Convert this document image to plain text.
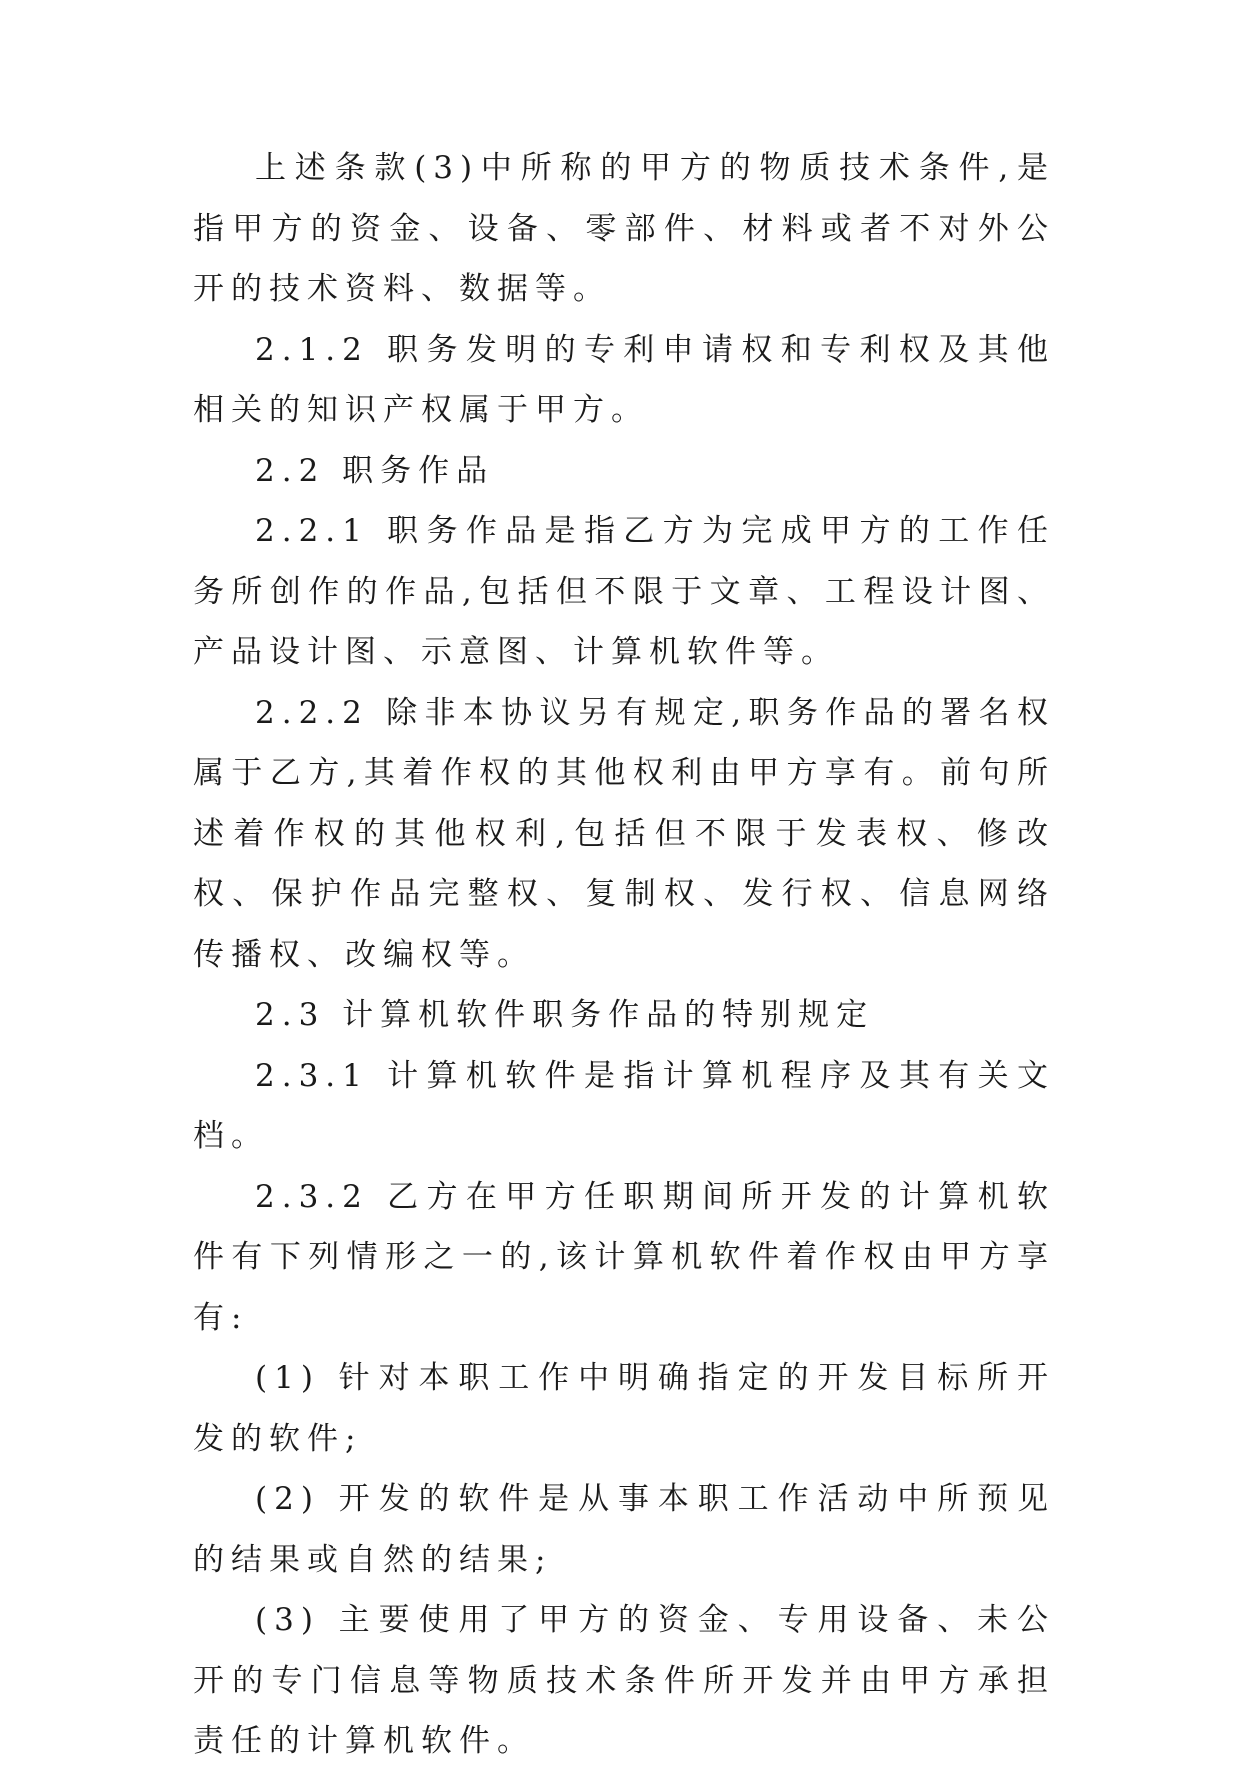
上述条款(3)中所称的甲方的物质技术条件,是指甲方的资金、设备、零部件、材料或者不对外公开的技术资料、数据等。

2.1.2 职务发明的专利申请权和专利权及其他相关的知识产权属于甲方。

2.2 职务作品

2.2.1 职务作品是指乙方为完成甲方的工作任务所创作的作品,包括但不限于文章、工程设计图、产品设计图、示意图、计算机软件等。

2.2.2 除非本协议另有规定,职务作品的署名权属于乙方,其着作权的其他权利由甲方享有。前句所述着作权的其他权利,包括但不限于发表权、修改权、保护作品完整权、复制权、发行权、信息网络传播权、改编权等。

2.3 计算机软件职务作品的特别规定

2.3.1 计算机软件是指计算机程序及其有关文档。

2.3.2 乙方在甲方任职期间所开发的计算机软件有下列情形之一的,该计算机软件着作权由甲方享有:

(1) 针对本职工作中明确指定的开发目标所开发的软件;

(2) 开发的软件是从事本职工作活动中所预见的结果或自然的结果;

(3) 主要使用了甲方的资金、专用设备、未公开的专门信息等物质技术条件所开发并由甲方承担责任的计算机软件。
